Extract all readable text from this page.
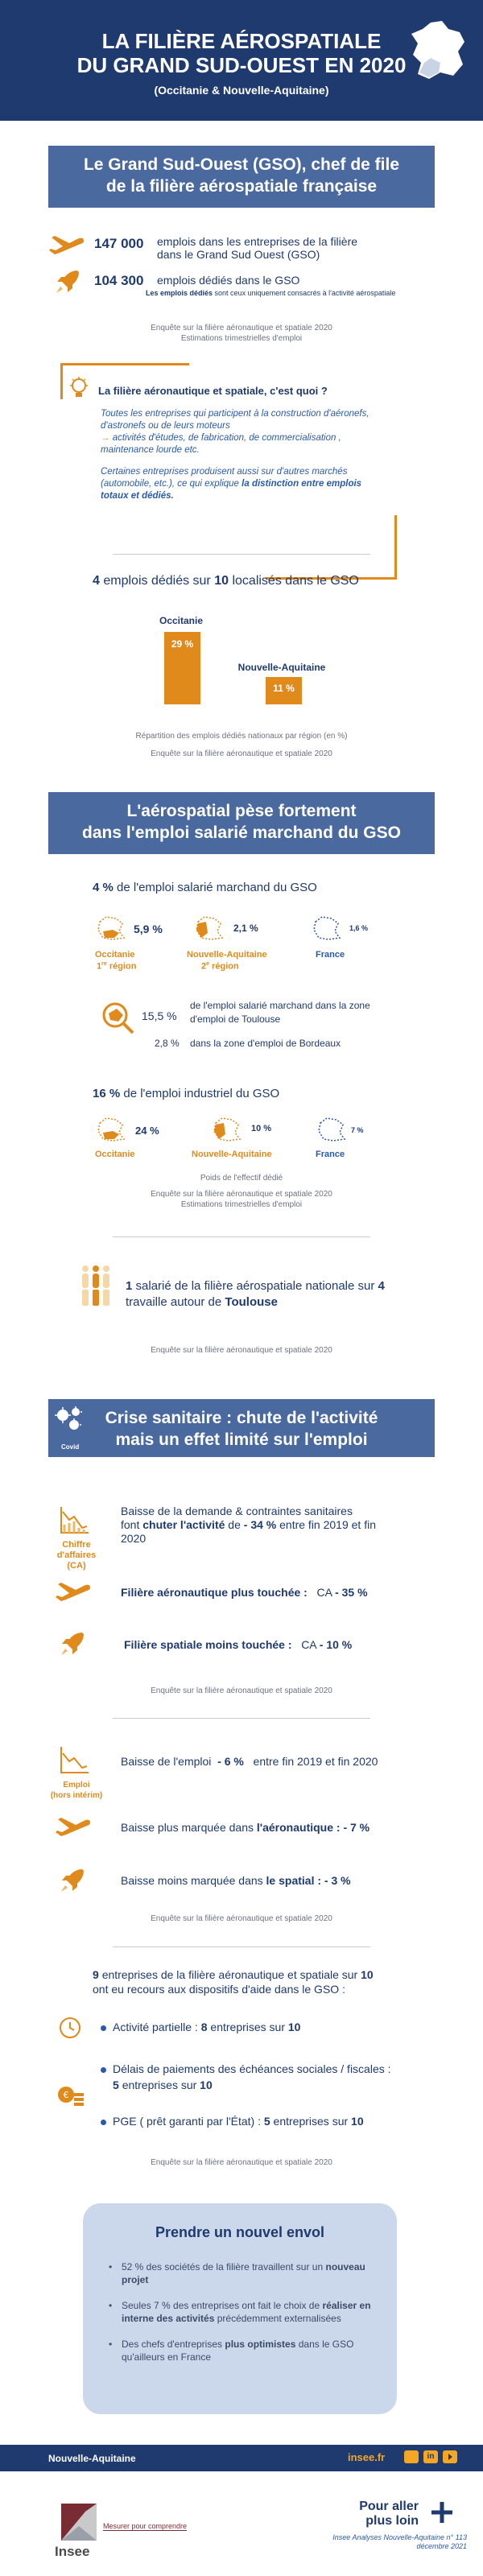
LA FILIÈRE AÉROSPATIALE
DU GRAND SUD-OUEST EN 2020
(Occitanie & Nouvelle-Aquitaine)
Le Grand Sud-Ouest (GSO), chef de file
de la filière aérospatiale française
147 000 emplois dans les entreprises de la filière
dans le Grand Sud Ouest (GSO)
104 300 emplois dédiés dans le GSO
Les emplois dédiés sont ceux uniquement consacrés à l'activité aérospatiale
Enquête sur la filière aéronautique et spatiale 2020
Estimations trimestrielles d'emploi
La filière aéronautique et spatiale, c'est quoi ?
Toutes les entreprises qui participent à la construction d'aéronefs,
d'astronefs ou de leurs moteurs
→ activités d'études, de fabrication, de commercialisation ,
maintenance lourde etc.
Certaines entreprises produisent aussi sur d'autres marchés
(automobile, etc.), ce qui explique la distinction entre emplois
totaux et dédiés.
4 emplois dédiés sur 10 localisés dans le GSO
Occitanie
Nouvelle-Aquitaine
29 %
11 %
Répartition des emplois dédiés nationaux par région (en %)
Enquête sur la filière aéronautique et spatiale 2020
L'aérospatial pèse fortement
dans l'emploi salarié marchand du GSO
4 % de l'emploi salarié marchand du GSO
5,9 %
Occitanie
1re région
2,1 %
Nouvelle-Aquitaine
2e région
1,6 %
France
15,5 %
de l'emploi salarié marchand dans la zone
d'emploi de Toulouse
2,8 % dans la zone d'emploi de Bordeaux
16 % de l'emploi industriel du GSO
24 %
Occitanie
10 %
Nouvelle-Aquitaine
7 %
France
Poids de l'effectif dédié
Enquête sur la filière aéronautique et spatiale 2020
Estimations trimestrielles d'emploi
1 salarié de la filière aérospatiale nationale sur 4
travaille autour de Toulouse
Enquête sur la filière aéronautique et spatiale 2020
Crise sanitaire : chute de l'activité
mais un effet limité sur l'emploi
Covid
Chiffre d'affaires
(CA)
Baisse de la demande & contraintes sanitaires
font chuter l'activité de - 34 % entre fin 2019 et fin
2020
Filière aéronautique plus touchée : CA - 35 %
Filière spatiale moins touchée : CA - 10 %
Enquête sur la filière aéronautique et spatiale 2020
Emploi
(hors intérim)
Baisse de l'emploi - 6 % entre fin 2019 et fin 2020
Baisse plus marquée dans l'aéronautique : - 7 %
Baisse moins marquée dans le spatial : - 3 %
Enquête sur la filière aéronautique et spatiale 2020
9 entreprises de la filière aéronautique et spatiale sur 10
ont eu recours aux dispositifs d'aide dans le GSO :
Activité partielle : 8 entreprises sur 10
€
Délais de paiements des échéances sociales / fiscales :
5 entreprises sur 10
PGE ( prêt garanti par l'État) : 5 entreprises sur 10
Enquête sur la filière aéronautique et spatiale 2020
Prendre un nouvel envol
• 52 % des sociétés de la filière travaillent sur un nouveau projet
• Seules 7 % des entreprises ont fait le choix de réaliser en interne des activités précédemment externalisées
• Des chefs d'entreprises plus optimistes dans le GSO qu'ailleurs en France
Nouvelle-Aquitaine	insee.fr	in
Insee
Mesurer pour comprendre
Pour aller
plus loin
Insee Analyses Nouvelle-Aquitaine n° 113
décembre 2021
